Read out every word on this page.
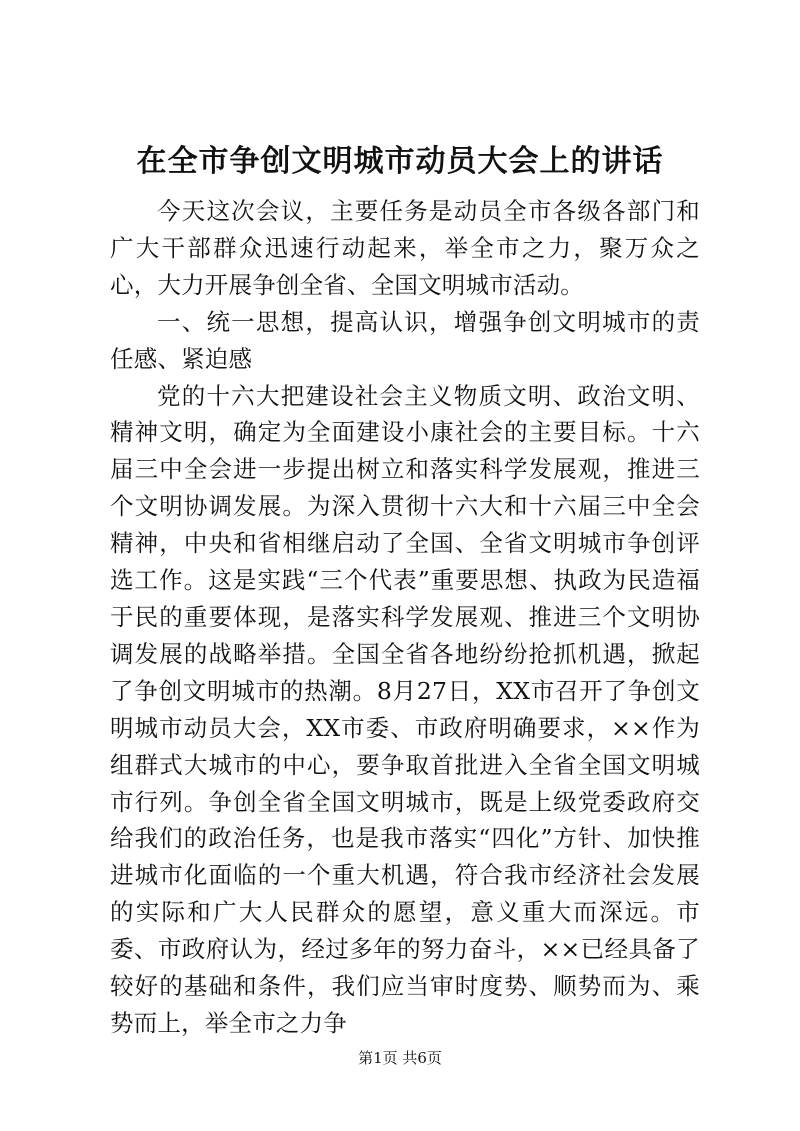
在全市争创文明城市动员大会上的讲话

今天这次会议，主要任务是动员全市各级各部门和广大干部群众迅速行动起来，举全市之力，聚万众之心，大力开展争创全省、全国文明城市活动。

一、统一思想，提高认识，增强争创文明城市的责任感、紧迫感

党的十六大把建设社会主义物质文明、政治文明、精神文明，确定为全面建设小康社会的主要目标。十六届三中全会进一步提出树立和落实科学发展观，推进三个文明协调发展。为深入贯彻十六大和十六届三中全会精神，中央和省相继启动了全国、全省文明城市争创评选工作。这是实践“三个代表”重要思想、执政为民造福于民的重要体现，是落实科学发展观、推进三个文明协调发展的战略举措。全国全省各地纷纷抢抓机遇，掀起了争创文明城市的热潮。8月27日，XX市召开了争创文明城市动员大会，XX市委、市政府明确要求，××作为组群式大城市的中心，要争取首批进入全省全国文明城市行列。争创全省全国文明城市，既是上级党委政府交给我们的政治任务，也是我市落实“四化”方针、加快推进城市化面临的一个重大机遇，符合我市经济社会发展的实际和广大人民群众的愿望，意义重大而深远。市委、市政府认为，经过多年的努力奋斗，××已经具备了较好的基础和条件，我们应当审时度势、顺势而为、乘势而上，举全市之力争

第1页 共6页
